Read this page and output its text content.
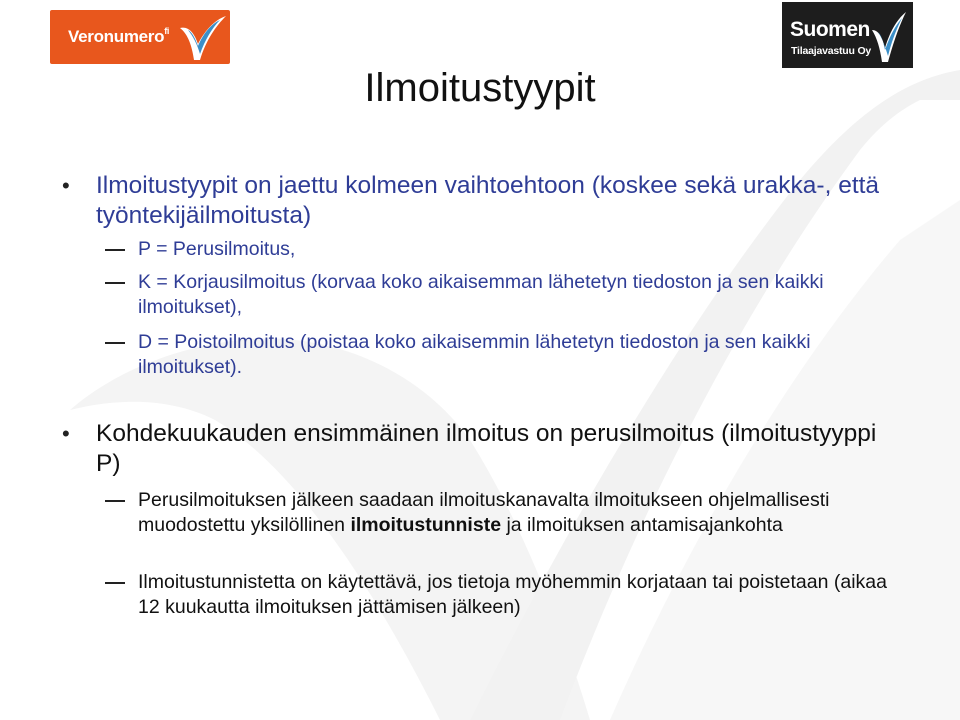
Veronumero$^{fi}$	Suomen
Tilaajavastuu Oy
Ilmoitustyypit
• Ilmoitustyypit on jaettu kolmeen vaihtoehtoon (koskee sekä urakka-, että työntekijäilmoitusta)
P = Perusilmoitus,
K = Korjausilmoitus (korvaa koko aikaisemman lähetetyn tiedoston ja sen kaikki ilmoitukset),
D = Poistoilmoitus (poistaa koko aikaisemmin lähetetyn tiedoston ja sen kaikki ilmoitukset).
• Kohdekuukauden ensimmäinen ilmoitus on perusilmoitus (ilmoitustyyppi P)
Perusilmoituksen jälkeen saadaan ilmoituskanavalta ilmoitukseen ohjelmallisesti muodostettu yksilöllinen ilmoitustunniste ja ilmoituksen antamisajankohta
Ilmoitustunnistetta on käytettävä, jos tietoja myöhemmin korjataan tai poistetaan (aikaa 12 kuukautta ilmoituksen jättämisen jälkeen)
